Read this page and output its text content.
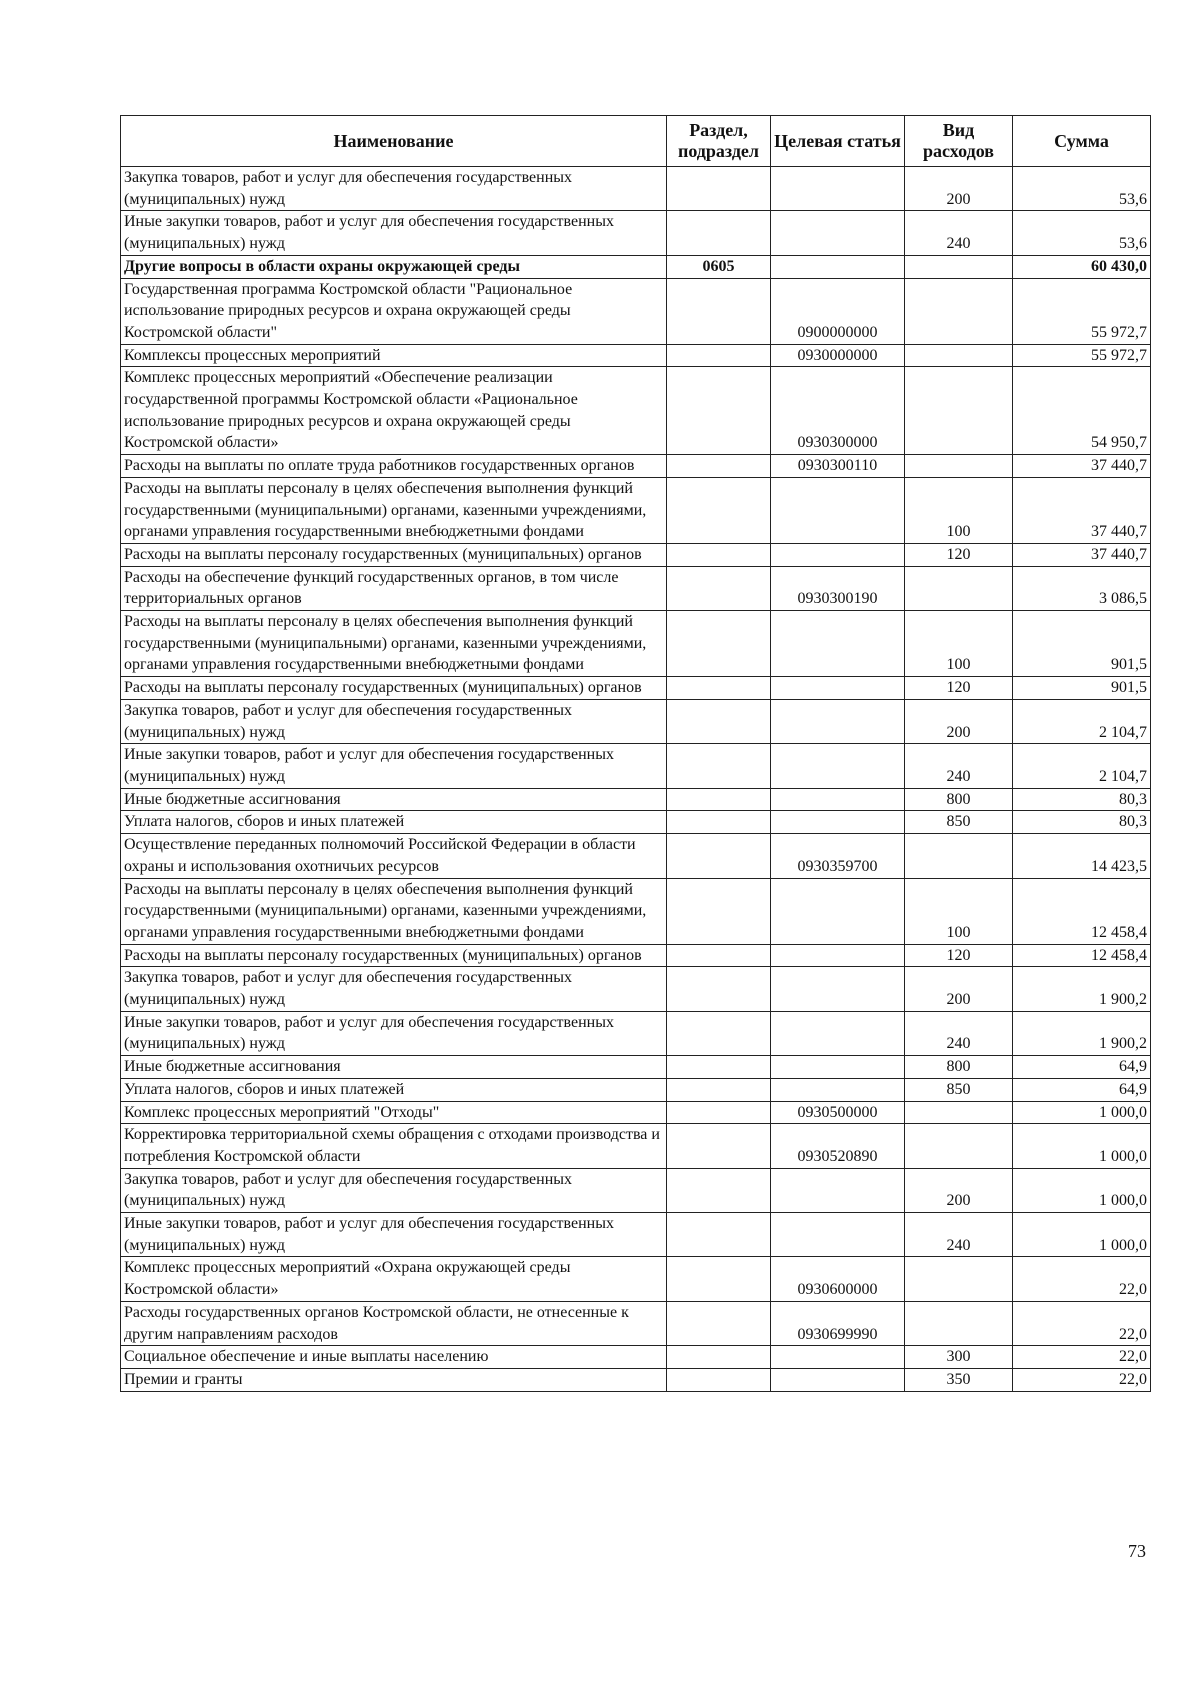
Наименование	Раздел, подраздел	Целевая статья	Вид расходов	Сумма
Закупка товаров, работ и услуг для обеспечения государственных (муниципальных) нужд			200	53,6
Иные закупки товаров, работ и услуг для обеспечения государственных (муниципальных) нужд			240	53,6
Другие вопросы в области охраны окружающей среды	0605			60 430,0
Государственная программа Костромской области "Рациональное использование природных ресурсов и охрана окружающей среды Костромской области"		0900000000		55 972,7
Комплексы процессных мероприятий		0930000000		55 972,7
Комплекс процессных мероприятий «Обеспечение реализации государственной программы Костромской области «Рациональное использование природных ресурсов и охрана окружающей среды Костромской области»		0930300000		54 950,7
Расходы на выплаты по оплате труда работников государственных органов		0930300110		37 440,7
Расходы на выплаты персоналу в целях обеспечения выполнения функций государственными (муниципальными) органами, казенными учреждениями, органами управления государственными внебюджетными фондами			100	37 440,7
Расходы на выплаты персоналу государственных (муниципальных) органов			120	37 440,7
Расходы на обеспечение функций государственных органов, в том числе территориальных органов		0930300190		3 086,5
Расходы на выплаты персоналу в целях обеспечения выполнения функций государственными (муниципальными) органами, казенными учреждениями, органами управления государственными внебюджетными фондами			100	901,5
Расходы на выплаты персоналу государственных (муниципальных) органов			120	901,5
Закупка товаров, работ и услуг для обеспечения государственных (муниципальных) нужд			200	2 104,7
Иные закупки товаров, работ и услуг для обеспечения государственных (муниципальных) нужд			240	2 104,7
Иные бюджетные ассигнования			800	80,3
Уплата налогов, сборов и иных платежей			850	80,3
Осуществление переданных полномочий Российской Федерации в области охраны и использования охотничьих ресурсов		0930359700		14 423,5
Расходы на выплаты персоналу в целях обеспечения выполнения функций государственными (муниципальными) органами, казенными учреждениями, органами управления государственными внебюджетными фондами			100	12 458,4
Расходы на выплаты персоналу государственных (муниципальных) органов			120	12 458,4
Закупка товаров, работ и услуг для обеспечения государственных (муниципальных) нужд			200	1 900,2
Иные закупки товаров, работ и услуг для обеспечения государственных (муниципальных) нужд			240	1 900,2
Иные бюджетные ассигнования			800	64,9
Уплата налогов, сборов и иных платежей			850	64,9
Комплекс процессных мероприятий "Отходы"		0930500000		1 000,0
Корректировка территориальной схемы обращения с отходами производства и потребления Костромской области		0930520890		1 000,0
Закупка товаров, работ и услуг для обеспечения государственных (муниципальных) нужд			200	1 000,0
Иные закупки товаров, работ и услуг для обеспечения государственных (муниципальных) нужд			240	1 000,0
Комплекс процессных мероприятий «Охрана окружающей среды Костромской области»		0930600000		22,0
Расходы государственных органов Костромской области, не отнесенные к другим направлениям расходов		0930699990		22,0
Социальное обеспечение и иные выплаты населению			300	22,0
Премии и гранты			350	22,0
73
